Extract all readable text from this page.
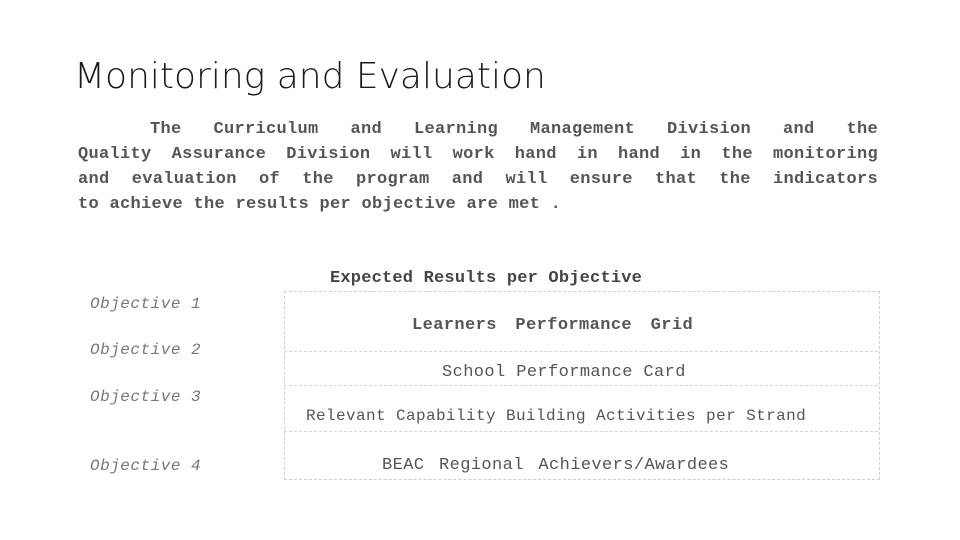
Monitoring and Evaluation
The Curriculum and Learning Management Division and the
Quality Assurance Division will work hand in hand in the monitoring
and evaluation of the program and will ensure that the indicators
to achieve the results per objective are met .
Expected Results per Objective
Objective 1
Objective 2
Objective 3
Objective 4
Learners Performance Grid
School Performance Card
Relevant Capability Building Activities per Strand
BEAC Regional Achievers/Awardees
